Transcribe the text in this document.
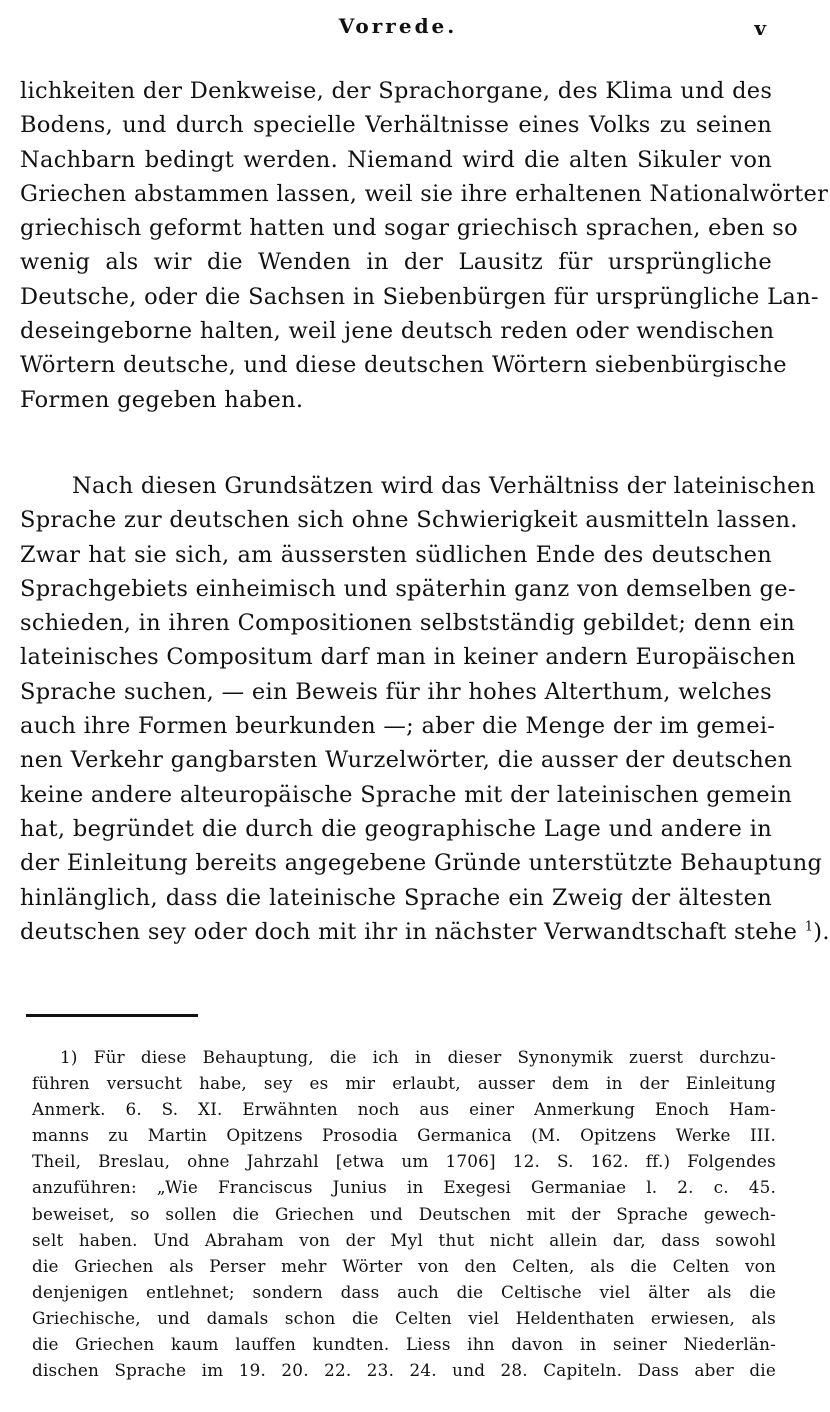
Vorrede.	v
lichkeiten der Denkweise, der Sprachorgane, des Klima und des
Bodens, und durch specielle Verhältnisse eines Volks zu seinen
Nachbarn bedingt werden. Niemand wird die alten Sikuler von
Griechen abstammen lassen, weil sie ihre erhaltenen Nationalwörter
griechisch geformt hatten und sogar griechisch sprachen, eben so
wenig als wir die Wenden in der Lausitz für ursprüngliche
Deutsche, oder die Sachsen in Siebenbürgen für ursprüngliche Lan-
deseingeborne halten, weil jene deutsch reden oder wendischen
Wörtern deutsche, und diese deutschen Wörtern siebenbürgische
Formen gegeben haben.
Nach diesen Grundsätzen wird das Verhältniss der lateinischen
Sprache zur deutschen sich ohne Schwierigkeit ausmitteln lassen.
Zwar hat sie sich, am äussersten südlichen Ende des deutschen
Sprachgebiets einheimisch und späterhin ganz von demselben ge-
schieden, in ihren Compositionen selbstständig gebildet; denn ein
lateinisches Compositum darf man in keiner andern Europäischen
Sprache suchen, — ein Beweis für ihr hohes Alterthum, welches
auch ihre Formen beurkunden —; aber die Menge der im gemei-
nen Verkehr gangbarsten Wurzelwörter, die ausser der deutschen
keine andere alteuropäische Sprache mit der lateinischen gemein
hat, begründet die durch die geographische Lage und andere in
der Einleitung bereits angegebene Gründe unterstützte Behauptung
hinlänglich, dass die lateinische Sprache ein Zweig der ältesten
deutschen sey oder doch mit ihr in nächster Verwandtschaft stehe $^1$).
1) Für diese Behauptung, die ich in dieser Synonymik zuerst durchzu-
führen versucht habe, sey es mir erlaubt, ausser dem in der Einleitung
Anmerk. 6. S. XI. Erwähnten noch aus einer Anmerkung Enoch Ham-
manns zu Martin Opitzens Prosodia Germanica (M. Opitzens Werke III.
Theil, Breslau, ohne Jahrzahl [etwa um 1706] 12. S. 162. ff.) Folgendes
anzuführen: „Wie Franciscus Junius in Exegesi Germaniae l. 2. c. 45.
beweiset, so sollen die Griechen und Deutschen mit der Sprache gewech-
selt haben. Und Abraham von der Myl thut nicht allein dar, dass sowohl
die Griechen als Perser mehr Wörter von den Celten, als die Celten von
denjenigen entlehnet; sondern dass auch die Celtische viel älter als die
Griechische, und damals schon die Celten viel Heldenthaten erwiesen, als
die Griechen kaum lauffen kundten. Liess ihn davon in seiner Niederlän-
dischen Sprache im 19. 20. 22. 23. 24. und 28. Capiteln. Dass aber die
